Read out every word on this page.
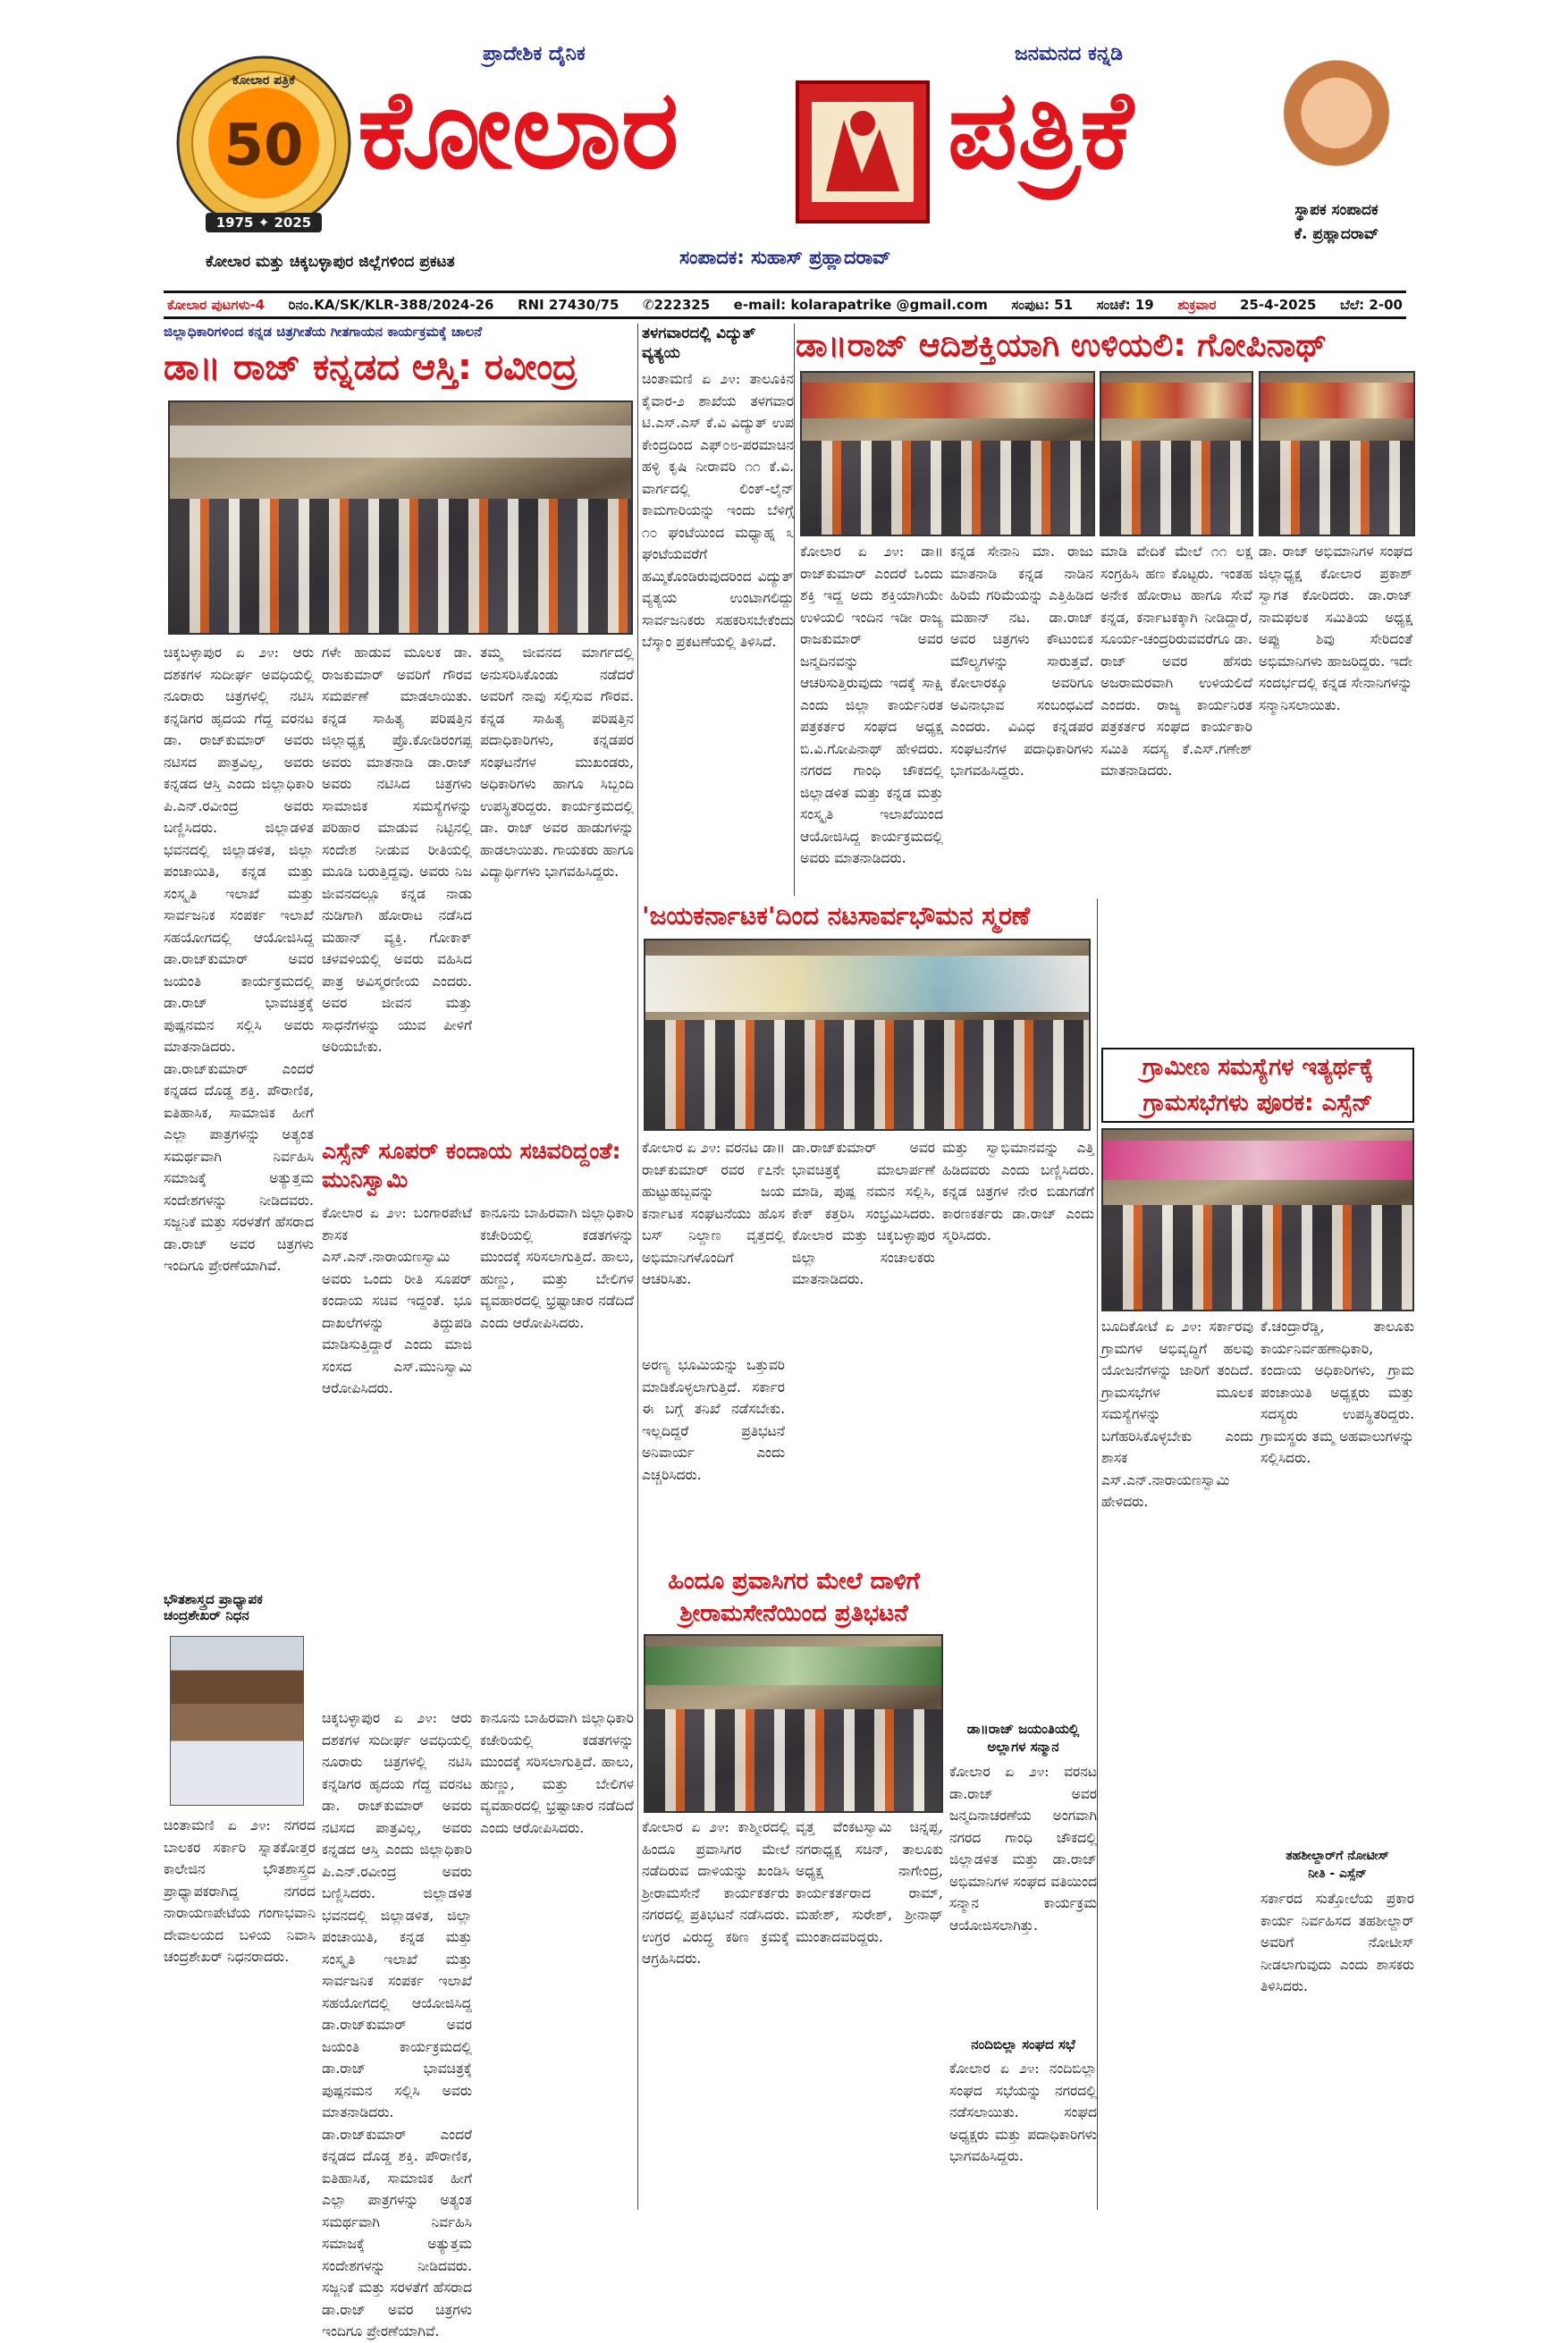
ಕೋಲಾರ ಪತ್ರಿಕೆ
50
1975 ✦ 2025
ಪ್ರಾದೇಶಿಕ ದೈನಿಕ	ಜನಮನದ ಕನ್ನಡಿ
ಕೋಲಾರ ಪತ್ರಿಕೆ
ಸ್ಥಾಪಕ ಸಂಪಾದಕ
ಕೆ. ಪ್ರಹ್ಲಾದರಾವ್
ಕೋಲಾರ ಮತ್ತು ಚಿಕ್ಕಬಳ್ಳಾಪುರ ಜಿಲ್ಲೆಗಳಿಂದ ಪ್ರಕಟತ	ಸಂಪಾದಕ: ಸುಹಾಸ್ ಪ್ರಹ್ಲಾದರಾವ್
ಕೋಲಾರ ಪುಟಗಳು-4 ರಿನಂ.KA/SK/KLR-388/2024-26 RNI 27430/75 ✆222325 e-mail: kolarapatrike @gmail.com ಸಂಪುಟ: 51 ಸಂಚಿಕೆ: 19 ಶುಕ್ರವಾರ 25-4-2025 ಬೆಲೆ: 2-00
ಜಿಲ್ಲಾಧಿಕಾರಿಗಳಿಂದ ಕನ್ನಡ ಚಿತ್ರಗೀತೆಯ ಗೀತಗಾಯನ ಕಾರ್ಯಕ್ರಮಕ್ಕೆ ಚಾಲನೆ
ಡಾ॥ ರಾಜ್ ಕನ್ನಡದ ಆಸ್ತಿ: ರವೀಂದ್ರ
ಚಿಕ್ಕಬಳ್ಳಾಪುರ ಏ ೨೪: ಆರು ದಶಕಗಳ ಸುದೀರ್ಘ ಅವಧಿಯಲ್ಲಿ ನೂರಾರು ಚಿತ್ರಗಳಲ್ಲಿ ನಟಿಸಿ ಕನ್ನಡಿಗರ ಹೃದಯ ಗೆದ್ದ ವರನಟ ಡಾ. ರಾಜ್‌ಕುಮಾರ್ ಅವರು ನಟಿಸದ ಪಾತ್ರವಿಲ್ಲ, ಅವರು ಕನ್ನಡದ ಆಸ್ತಿ ಎಂದು ಜಿಲ್ಲಾಧಿಕಾರಿ ಪಿ.ಎನ್.ರವೀಂದ್ರ ಅವರು ಬಣ್ಣಿಸಿದರು. ಜಿಲ್ಲಾಡಳಿತ ಭವನದಲ್ಲಿ ಜಿಲ್ಲಾಡಳಿತ, ಜಿಲ್ಲಾ ಪಂಚಾಯಿತಿ, ಕನ್ನಡ ಮತ್ತು ಸಂಸ್ಕೃತಿ ಇಲಾಖೆ ಮತ್ತು ಸಾರ್ವಜನಿಕ ಸಂಪರ್ಕ ಇಲಾಖೆ ಸಹಯೋಗದಲ್ಲಿ ಆಯೋಜಿಸಿದ್ದ ಡಾ.ರಾಜ್‌ಕುಮಾರ್ ಅವರ ಜಯಂತಿ ಕಾರ್ಯಕ್ರಮದಲ್ಲಿ ಡಾ.ರಾಜ್ ಭಾವಚಿತ್ರಕ್ಕೆ ಪುಷ್ಪನಮನ ಸಲ್ಲಿಸಿ ಅವರು ಮಾತನಾಡಿದರು. ಡಾ.ರಾಜ್‌ಕುಮಾರ್ ಎಂದರೆ ಕನ್ನಡದ ದೊಡ್ಡ ಶಕ್ತಿ. ಪೌರಾಣಿಕ, ಐತಿಹಾಸಿಕ, ಸಾಮಾಜಿಕ ಹೀಗೆ ಎಲ್ಲಾ ಪಾತ್ರಗಳನ್ನು ಅತ್ಯಂತ ಸಮರ್ಥವಾಗಿ ನಿರ್ವಹಿಸಿ ಸಮಾಜಕ್ಕೆ ಅತ್ಯುತ್ತಮ ಸಂದೇಶಗಳನ್ನು ನೀಡಿದವರು. ಸಜ್ಜನಿಕೆ ಮತ್ತು ಸರಳತೆಗೆ ಹೆಸರಾದ ಡಾ.ರಾಜ್ ಅವರ ಚಿತ್ರಗಳು ಇಂದಿಗೂ ಪ್ರೇರಣೆಯಾಗಿವೆ.
ಗಳೇ ಹಾಡುವ ಮೂಲಕ ಡಾ. ರಾಜಕುಮಾರ್ ಅವರಿಗೆ ಗೌರವ ಸಮರ್ಪಣೆ ಮಾಡಲಾಯಿತು. ಕನ್ನಡ ಸಾಹಿತ್ಯ ಪರಿಷತ್ತಿನ ಜಿಲ್ಲಾಧ್ಯಕ್ಷ ಪ್ರೊ.ಕೋಡಿರಂಗಪ್ಪ ಅವರು ಮಾತನಾಡಿ ಡಾ.ರಾಜ್ ಅವರು ನಟಿಸಿದ ಚಿತ್ರಗಳು ಸಾಮಾಜಿಕ ಸಮಸ್ಯೆಗಳನ್ನು ಪರಿಹಾರ ಮಾಡುವ ನಿಟ್ಟಿನಲ್ಲಿ ಸಂದೇಶ ನೀಡುವ ರೀತಿಯಲ್ಲಿ ಮೂಡಿ ಬರುತ್ತಿದ್ದವು. ಅವರು ನಿಜ ಜೀವನದಲ್ಲೂ ಕನ್ನಡ ನಾಡು ನುಡಿಗಾಗಿ ಹೋರಾಟ ನಡೆಸಿದ ಮಹಾನ್ ವ್ಯಕ್ತಿ. ಗೋಕಾಕ್ ಚಳವಳಿಯಲ್ಲಿ ಅವರು ವಹಿಸಿದ ಪಾತ್ರ ಅವಿಸ್ಮರಣೀಯ ಎಂದರು. ಅವರ ಜೀವನ ಮತ್ತು ಸಾಧನೆಗಳನ್ನು ಯುವ ಪೀಳಿಗೆ ಅರಿಯಬೇಕು.
ತಮ್ಮ ಜೀವನದ ಮಾರ್ಗದಲ್ಲಿ ಅನುಸರಿಸಿಕೊಂಡು ನಡೆದರೆ ಅವರಿಗೆ ನಾವು ಸಲ್ಲಿಸುವ ಗೌರವ. ಕನ್ನಡ ಸಾಹಿತ್ಯ ಪರಿಷತ್ತಿನ ಪದಾಧಿಕಾರಿಗಳು, ಕನ್ನಡಪರ ಸಂಘಟನೆಗಳ ಮುಖಂಡರು, ಅಧಿಕಾರಿಗಳು ಹಾಗೂ ಸಿಬ್ಬಂದಿ ಉಪಸ್ಥಿತರಿದ್ದರು. ಕಾರ್ಯಕ್ರಮದಲ್ಲಿ ಡಾ. ರಾಜ್ ಅವರ ಹಾಡುಗಳನ್ನು ಹಾಡಲಾಯಿತು. ಗಾಯಕರು ಹಾಗೂ ವಿದ್ಯಾರ್ಥಿಗಳು ಭಾಗವಹಿಸಿದ್ದರು.
ತಳಗವಾರದಲ್ಲಿ ವಿದ್ಯುತ್ ವ್ಯತ್ಯಯ
ಚಿಂತಾಮಣಿ ಏ ೨೪: ತಾಲೂಕಿನ ಕೈವಾರ-೨ ಶಾಖೆಯ ತಳಗವಾರ ಟಿ.ಎಸ್.ಎಸ್ ಕೆ.ವಿ ವಿದ್ಯುತ್ ಉಪ ಕೇಂದ್ರದಿಂದ ಎಫ್‌೦೮-ಪರಮಾಚಿನ ಹಳ್ಳಿ ಕೃಷಿ ನೀರಾವರಿ ೧೧ ಕೆ.ವಿ. ವಾರ್ಗದಲ್ಲಿ ಲಿಂಕ್-ಲೈನ್ ಕಾಮಗಾರಿಯನ್ನು ಇಂದು ಬೆಳಿಗ್ಗೆ ೧೦ ಘಂಟೆಯಿಂದ ಮಧ್ಯಾಹ್ನ ೩ ಘಂಟೆಯವರೆಗೆ ಹಮ್ಮಿಕೊಂಡಿರುವುದರಿಂದ ವಿದ್ಯುತ್ ವ್ಯತ್ಯಯ ಉಂಟಾಗಲಿದ್ದು ಸಾರ್ವಜನಿಕರು ಸಹಕರಿಸಬೇಕೆಂದು ಬೆಸ್ಕಾಂ ಪ್ರಕಟಣೆಯಲ್ಲಿ ತಿಳಿಸಿದೆ.
ಡಾ॥ರಾಜ್ ಆದಿಶಕ್ತಿಯಾಗಿ ಉಳಿಯಲಿ: ಗೋಪಿನಾಥ್
ಕೋಲಾರ ಏ ೨೪: ಡಾ॥ ರಾಜ್‌ಕುಮಾರ್ ಎಂದರೆ ಒಂದು ಶಕ್ತಿ ಇದ್ದ ಅದು ಶಕ್ತಿಯಾಗಿಯೇ ಉಳಿಯಲಿ ಇಂದಿನ ಇಡೀ ರಾಜ್ಯ ರಾಜಕುಮಾರ್ ಅವರ ಜನ್ಮದಿನವನ್ನು ಆಚರಿಸುತ್ತಿರುವುದು ಇದಕ್ಕೆ ಸಾಕ್ಷಿ ಎಂದು ಜಿಲ್ಲಾ ಕಾರ್ಯನಿರತ ಪತ್ರಕರ್ತರ ಸಂಘದ ಅಧ್ಯಕ್ಷ ಬಿ.ವಿ.ಗೋಪಿನಾಥ್ ಹೇಳಿದರು. ನಗರದ ಗಾಂಧಿ ಚೌಕದಲ್ಲಿ ಜಿಲ್ಲಾಡಳಿತ ಮತ್ತು ಕನ್ನಡ ಮತ್ತು ಸಂಸ್ಕೃತಿ ಇಲಾಖೆಯಿಂದ ಆಯೋಜಿಸಿದ್ದ ಕಾರ್ಯಕ್ರಮದಲ್ಲಿ ಅವರು ಮಾತನಾಡಿದರು.
ಕನ್ನಡ ಸೇನಾನಿ ಮಾ. ರಾಜು ಮಾತನಾಡಿ ಕನ್ನಡ ನಾಡಿನ ಹಿರಿಮೆ ಗರಿಮೆಯನ್ನು ಎತ್ತಿಹಿಡಿದ ಮಹಾನ್ ನಟ. ಡಾ.ರಾಜ್ ಅವರ ಚಿತ್ರಗಳು ಕೌಟುಂಬಿಕ ಮೌಲ್ಯಗಳನ್ನು ಸಾರುತ್ತವೆ. ಕೋಲಾರಕ್ಕೂ ಅವರಿಗೂ ಅವಿನಾಭಾವ ಸಂಬಂಧವಿದೆ ಎಂದರು. ವಿವಿಧ ಕನ್ನಡಪರ ಸಂಘಟನೆಗಳ ಪದಾಧಿಕಾರಿಗಳು ಭಾಗವಹಿಸಿದ್ದರು.
ಮಾಡಿ ವೇದಿಕೆ ಮೇಲೆ ೧೧ ಲಕ್ಷ ಸಂಗ್ರಹಿಸಿ ಹಣ ಕೊಟ್ಟರು. ಇಂತಹ ಅನೇಕ ಹೋರಾಟ ಹಾಗೂ ಸೇವೆ ಕನ್ನಡ, ಕರ್ನಾಟಕಕ್ಕಾಗಿ ನೀಡಿದ್ದಾರೆ, ಸೂರ್ಯ-ಚಂದ್ರರಿರುವವರೆಗೂ ಡಾ. ರಾಜ್ ಅವರ ಹೆಸರು ಅಜರಾಮರವಾಗಿ ಉಳಿಯಲಿದೆ ಎಂದರು. ರಾಜ್ಯ ಕಾರ್ಯನಿರತ ಪತ್ರಕರ್ತರ ಸಂಘದ ಕಾರ್ಯಕಾರಿ ಸಮಿತಿ ಸದಸ್ಯ ಕೆ.ಎಸ್.ಗಣೇಶ್ ಮಾತನಾಡಿದರು.
ಡಾ. ರಾಜ್ ಅಭಿಮಾನಿಗಳ ಸಂಘದ ಜಿಲ್ಲಾಧ್ಯಕ್ಷ ಕೋಲಾರ ಪ್ರಕಾಶ್ ಸ್ವಾಗತ ಕೋರಿದರು. ಡಾ.ರಾಜ್ ನಾಮಫಲಕ ಸಮಿತಿಯ ಅಧ್ಯಕ್ಷ ಅಪ್ಪು ಶಿವು ಸೇರಿದಂತೆ ಅಭಿಮಾನಿಗಳು ಹಾಜರಿದ್ದರು. ಇದೇ ಸಂದರ್ಭದಲ್ಲಿ ಕನ್ನಡ ಸೇನಾನಿಗಳನ್ನು ಸನ್ಮಾನಿಸಲಾಯಿತು.
'ಜಯಕರ್ನಾಟಕ'ದಿಂದ ನಟಸಾರ್ವಭೌಮನ ಸ್ಮರಣೆ
ಕೋಲಾರ ಏ ೨೪: ವರನಟ ಡಾ॥ ರಾಜ್‌ಕುಮಾರ್ ರವರ ೯೭ನೇ ಹುಟ್ಟುಹಬ್ಬವನ್ನು ಜಯ ಕರ್ನಾಟಕ ಸಂಘಟನೆಯು ಹೊಸ ಬಸ್ ನಿಲ್ದಾಣ ವೃತ್ತದಲ್ಲಿ ಅಭಿಮಾನಿಗಳೊಂದಿಗೆ ಆಚರಿಸಿತು.
ಡಾ.ರಾಜ್‌ಕುಮಾರ್ ಅವರ ಭಾವಚಿತ್ರಕ್ಕೆ ಮಾಲಾರ್ಪಣೆ ಮಾಡಿ, ಪುಷ್ಪ ನಮನ ಸಲ್ಲಿಸಿ, ಕೇಕ್ ಕತ್ತರಿಸಿ ಸಂಭ್ರಮಿಸಿದರು. ಕೋಲಾರ ಮತ್ತು ಚಿಕ್ಕಬಳ್ಳಾಪುರ ಜಿಲ್ಲಾ ಸಂಚಾಲಕರು ಮಾತನಾಡಿದರು.
ಮತ್ತು ಸ್ವಾಭಿಮಾನವನ್ನು ಎತ್ತಿ ಹಿಡಿದವರು ಎಂದು ಬಣ್ಣಿಸಿದರು. ಕನ್ನಡ ಚಿತ್ರಗಳ ನೇರ ಬಿಡುಗಡೆಗೆ ಕಾರಣಕರ್ತರು ಡಾ.ರಾಜ್ ಎಂದು ಸ್ಮರಿಸಿದರು.
ಎಸ್ಸೆನ್ ಸೂಪರ್ ಕಂದಾಯ ಸಚಿವರಿದ್ದಂತೆ: ಮುನಿಸ್ವಾಮಿ
ಕೋಲಾರ ಏ ೨೪: ಬಂಗಾರಪೇಟೆ ಶಾಸಕ ಎಸ್.ಎನ್.ನಾರಾಯಣಸ್ವಾಮಿ ಅವರು ಒಂದು ರೀತಿ ಸೂಪರ್ ಕಂದಾಯ ಸಚಿವ ಇದ್ದಂತೆ. ಭೂ ದಾಖಲೆಗಳನ್ನು ತಿದ್ದುಪಡಿ ಮಾಡಿಸುತ್ತಿದ್ದಾರೆ ಎಂದು ಮಾಜಿ ಸಂಸದ ಎಸ್.ಮುನಿಸ್ವಾಮಿ ಆರೋಪಿಸಿದರು.
ಕಾನೂನು ಬಾಹಿರವಾಗಿ ಜಿಲ್ಲಾಧಿಕಾರಿ ಕಚೇರಿಯಲ್ಲಿ ಕಡತಗಳನ್ನು ಮುಂದಕ್ಕೆ ಸರಿಸಲಾಗುತ್ತಿದೆ. ಹಾಲು, ಹುಣ್ಣು, ಮತ್ತು ಬೇಲಿಗಳ ವ್ಯವಹಾರದಲ್ಲಿ ಭ್ರಷ್ಟಾಚಾರ ನಡೆದಿದೆ ಎಂದು ಆರೋಪಿಸಿದರು.
ಅರಣ್ಯ ಭೂಮಿಯನ್ನು ಒತ್ತುವರಿ ಮಾಡಿಕೊಳ್ಳಲಾಗುತ್ತಿದೆ. ಸರ್ಕಾರ ಈ ಬಗ್ಗೆ ತನಿಖೆ ನಡೆಸಬೇಕು. ಇಲ್ಲದಿದ್ದರೆ ಪ್ರತಿಭಟನೆ ಅನಿವಾರ್ಯ ಎಂದು ಎಚ್ಚರಿಸಿದರು.
ಹಿಂದೂ ಪ್ರವಾಸಿಗರ ಮೇಲೆ ದಾಳಿಗೆ
ಶ್ರೀರಾಮಸೇನೆಯಿಂದ ಪ್ರತಿಭಟನೆ
ಕೋಲಾರ ಏ ೨೪: ಕಾಶ್ಮೀರದಲ್ಲಿ ಹಿಂದೂ ಪ್ರವಾಸಿಗರ ಮೇಲೆ ನಡೆದಿರುವ ದಾಳಿಯನ್ನು ಖಂಡಿಸಿ ಶ್ರೀರಾಮಸೇನೆ ಕಾರ್ಯಕರ್ತರು ನಗರದಲ್ಲಿ ಪ್ರತಿಭಟನೆ ನಡೆಸಿದರು. ಉಗ್ರರ ವಿರುದ್ಧ ಕಠಿಣ ಕ್ರಮಕ್ಕೆ ಆಗ್ರಹಿಸಿದರು.
ವೃತ್ತ ವೆಂಕಟಸ್ವಾಮಿ ಚಿನ್ನಪ್ಪ, ನಗರಾಧ್ಯಕ್ಷ ಸಚಿನ್, ತಾಲೂಕು ಅಧ್ಯಕ್ಷ ನಾಗೇಂದ್ರ, ಕಾರ್ಯಕರ್ತರಾದ ರಾಮ್, ಮಹೇಶ್, ಸುರೇಶ್, ಶ್ರೀನಾಥ್ ಮುಂತಾದವರಿದ್ದರು.
ಗ್ರಾಮೀಣ ಸಮಸ್ಯೆಗಳ ಇತ್ಯರ್ಥಕ್ಕೆ
ಗ್ರಾಮಸಭೆಗಳು ಪೂರಕ: ಎಸ್ಸೆನ್
ಬೂದಿಕೋಟೆ ಏ ೨೪: ಸರ್ಕಾರವು ಗ್ರಾಮಗಳ ಅಭಿವೃದ್ಧಿಗೆ ಹಲವು ಯೋಜನೆಗಳನ್ನು ಜಾರಿಗೆ ತಂದಿದೆ. ಗ್ರಾಮಸಭೆಗಳ ಮೂಲಕ ಸಮಸ್ಯೆಗಳನ್ನು ಬಗೆಹರಿಸಿಕೊಳ್ಳಬೇಕು ಎಂದು ಶಾಸಕ ಎಸ್.ಎನ್.ನಾರಾಯಣಸ್ವಾಮಿ ಹೇಳಿದರು.
ಕೆ.ಚಂದ್ರಾರೆಡ್ಡಿ, ತಾಲೂಕು ಕಾರ್ಯನಿರ್ವಹಣಾಧಿಕಾರಿ, ಕಂದಾಯ ಅಧಿಕಾರಿಗಳು, ಗ್ರಾಮ ಪಂಚಾಯಿತಿ ಅಧ್ಯಕ್ಷರು ಮತ್ತು ಸದಸ್ಯರು ಉಪಸ್ಥಿತರಿದ್ದರು. ಗ್ರಾಮಸ್ಥರು ತಮ್ಮ ಅಹವಾಲುಗಳನ್ನು ಸಲ್ಲಿಸಿದರು.
ಭೌತಶಾಸ್ತ್ರದ ಪ್ರಾಧ್ಯಾಪಕ
ಚಂದ್ರಶೇಖರ್ ನಿಧನ
ಚಿಂತಾಮಣಿ ಏ ೨೪: ನಗರದ ಬಾಲಕರ ಸರ್ಕಾರಿ ಸ್ನಾತಕೋತ್ತರ ಕಾಲೇಜಿನ ಭೌತಶಾಸ್ತ್ರದ ಪ್ರಾಧ್ಯಾಪಕರಾಗಿದ್ದ ನಗರದ ನಾರಾಯಣಪೇಟೆಯ ಗಂಗಾಭವಾನಿ ದೇವಾಲಯದ ಬಳಿಯ ನಿವಾಸಿ ಚಂದ್ರಶೇಖರ್ ನಿಧನರಾದರು.
ಚಿಕ್ಕಬಳ್ಳಾಪುರ ಏ ೨೪: ಆರು ದಶಕಗಳ ಸುದೀರ್ಘ ಅವಧಿಯಲ್ಲಿ ನೂರಾರು ಚಿತ್ರಗಳಲ್ಲಿ ನಟಿಸಿ ಕನ್ನಡಿಗರ ಹೃದಯ ಗೆದ್ದ ವರನಟ ಡಾ. ರಾಜ್‌ಕುಮಾರ್ ಅವರು ನಟಿಸದ ಪಾತ್ರವಿಲ್ಲ, ಅವರು ಕನ್ನಡದ ಆಸ್ತಿ ಎಂದು ಜಿಲ್ಲಾಧಿಕಾರಿ ಪಿ.ಎನ್.ರವೀಂದ್ರ ಅವರು ಬಣ್ಣಿಸಿದರು. ಜಿಲ್ಲಾಡಳಿತ ಭವನದಲ್ಲಿ ಜಿಲ್ಲಾಡಳಿತ, ಜಿಲ್ಲಾ ಪಂಚಾಯಿತಿ, ಕನ್ನಡ ಮತ್ತು ಸಂಸ್ಕೃತಿ ಇಲಾಖೆ ಮತ್ತು ಸಾರ್ವಜನಿಕ ಸಂಪರ್ಕ ಇಲಾಖೆ ಸಹಯೋಗದಲ್ಲಿ ಆಯೋಜಿಸಿದ್ದ ಡಾ.ರಾಜ್‌ಕುಮಾರ್ ಅವರ ಜಯಂತಿ ಕಾರ್ಯಕ್ರಮದಲ್ಲಿ ಡಾ.ರಾಜ್ ಭಾವಚಿತ್ರಕ್ಕೆ ಪುಷ್ಪನಮನ ಸಲ್ಲಿಸಿ ಅವರು ಮಾತನಾಡಿದರು. ಡಾ.ರಾಜ್‌ಕುಮಾರ್ ಎಂದರೆ ಕನ್ನಡದ ದೊಡ್ಡ ಶಕ್ತಿ. ಪೌರಾಣಿಕ, ಐತಿಹಾಸಿಕ, ಸಾಮಾಜಿಕ ಹೀಗೆ ಎಲ್ಲಾ ಪಾತ್ರಗಳನ್ನು ಅತ್ಯಂತ ಸಮರ್ಥವಾಗಿ ನಿರ್ವಹಿಸಿ ಸಮಾಜಕ್ಕೆ ಅತ್ಯುತ್ತಮ ಸಂದೇಶಗಳನ್ನು ನೀಡಿದವರು. ಸಜ್ಜನಿಕೆ ಮತ್ತು ಸರಳತೆಗೆ ಹೆಸರಾದ ಡಾ.ರಾಜ್ ಅವರ ಚಿತ್ರಗಳು ಇಂದಿಗೂ ಪ್ರೇರಣೆಯಾಗಿವೆ.
ಕಾನೂನು ಬಾಹಿರವಾಗಿ ಜಿಲ್ಲಾಧಿಕಾರಿ ಕಚೇರಿಯಲ್ಲಿ ಕಡತಗಳನ್ನು ಮುಂದಕ್ಕೆ ಸರಿಸಲಾಗುತ್ತಿದೆ. ಹಾಲು, ಹುಣ್ಣು, ಮತ್ತು ಬೇಲಿಗಳ ವ್ಯವಹಾರದಲ್ಲಿ ಭ್ರಷ್ಟಾಚಾರ ನಡೆದಿದೆ ಎಂದು ಆರೋಪಿಸಿದರು.
ಡಾ॥ರಾಜ್ ಜಯಂತಿಯಲ್ಲಿ
ಅಲ್ಲಾಗಳ ಸನ್ಮಾನ
ಕೋಲಾರ ಏ ೨೪: ವರನಟ ಡಾ.ರಾಜ್ ಅವರ ಜನ್ಮದಿನಾಚರಣೆಯ ಅಂಗವಾಗಿ ನಗರದ ಗಾಂಧಿ ಚೌಕದಲ್ಲಿ ಜಿಲ್ಲಾಡಳಿತ ಮತ್ತು ಡಾ.ರಾಜ್ ಅಭಿಮಾನಿಗಳ ಸಂಘದ ವತಿಯಿಂದ ಸನ್ಮಾನ ಕಾರ್ಯಕ್ರಮ ಆಯೋಜಿಸಲಾಗಿತ್ತು.
ನಂದಿಬಿಲ್ಲಾ ಸಂಘದ ಸಭೆ
ಕೋಲಾರ ಏ ೨೪: ನಂದಿಬಿಲ್ಲಾ ಸಂಘದ ಸಭೆಯನ್ನು ನಗರದಲ್ಲಿ ನಡೆಸಲಾಯಿತು. ಸಂಘದ ಅಧ್ಯಕ್ಷರು ಮತ್ತು ಪದಾಧಿಕಾರಿಗಳು ಭಾಗವಹಿಸಿದ್ದರು.
ತಹಶೀಲ್ದಾರ್‌ಗೆ ನೋಟೀಸ್
ನೀತಿ - ಎಸ್ಸೆನ್
ಸರ್ಕಾರದ ಸುತ್ತೋಲೆಯ ಪ್ರಕಾರ ಕಾರ್ಯ ನಿರ್ವಹಿಸದ ತಹಶೀಲ್ದಾರ್ ಅವರಿಗೆ ನೋಟೀಸ್ ನೀಡಲಾಗುವುದು ಎಂದು ಶಾಸಕರು ತಿಳಿಸಿದರು.
